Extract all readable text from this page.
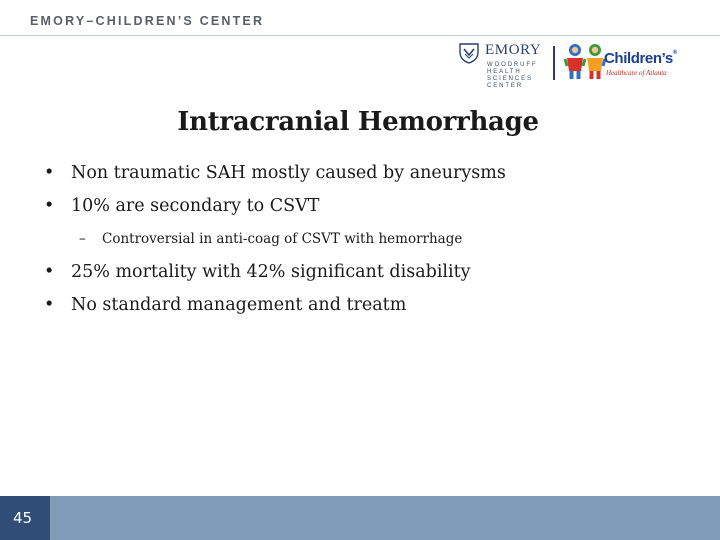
EMORY–CHILDREN’S CENTER
EMORY
WOODRUFF
HEALTH
SCIENCES
CENTER
Children’s®
Healthcare of Atlanta
Intracranial Hemorrhage
• Non traumatic SAH mostly caused by aneurysms
• 10% are secondary to CSVT
– Controversial in anti-coag of CSVT with hemorrhage
• 25% mortality with 42% significant disability
• No standard management and treatm
45
